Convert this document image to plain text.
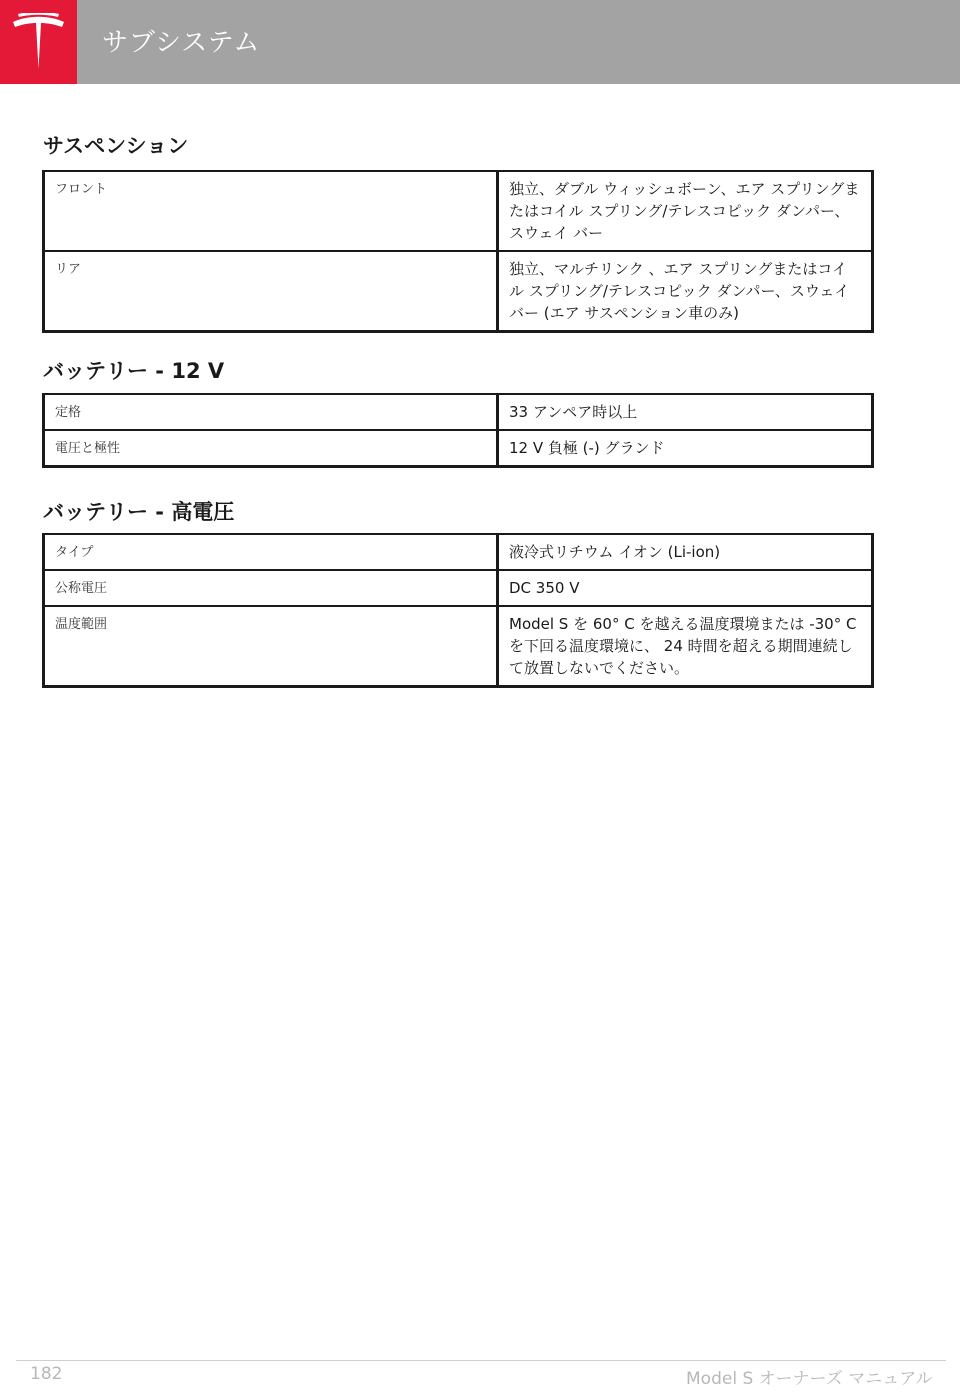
サブシステム
サスペンション
フロント	独立、ダブル ウィッシュボーン、エア スプリングまたはコイル スプリング/テレスコピック ダンパー、スウェイ バー
リア	独立、マルチリンク 、エア スプリングまたはコイル スプリング/テレスコピック ダンパー、スウェイ バー (エア サスペンション車のみ)
バッテリー - 12 V
定格	33 アンペア時以上
電圧と極性	12 V 負極 (-) グランド
バッテリー - 高電圧
タイプ	液冷式リチウム イオン (Li-ion)
公称電圧	DC 350 V
温度範囲	Model S を 60° C を越える温度環境または -30° C を下回る温度環境に、 24 時間を超える期間連続して放置しないでください。
182	Model S オーナーズ マニュアル
